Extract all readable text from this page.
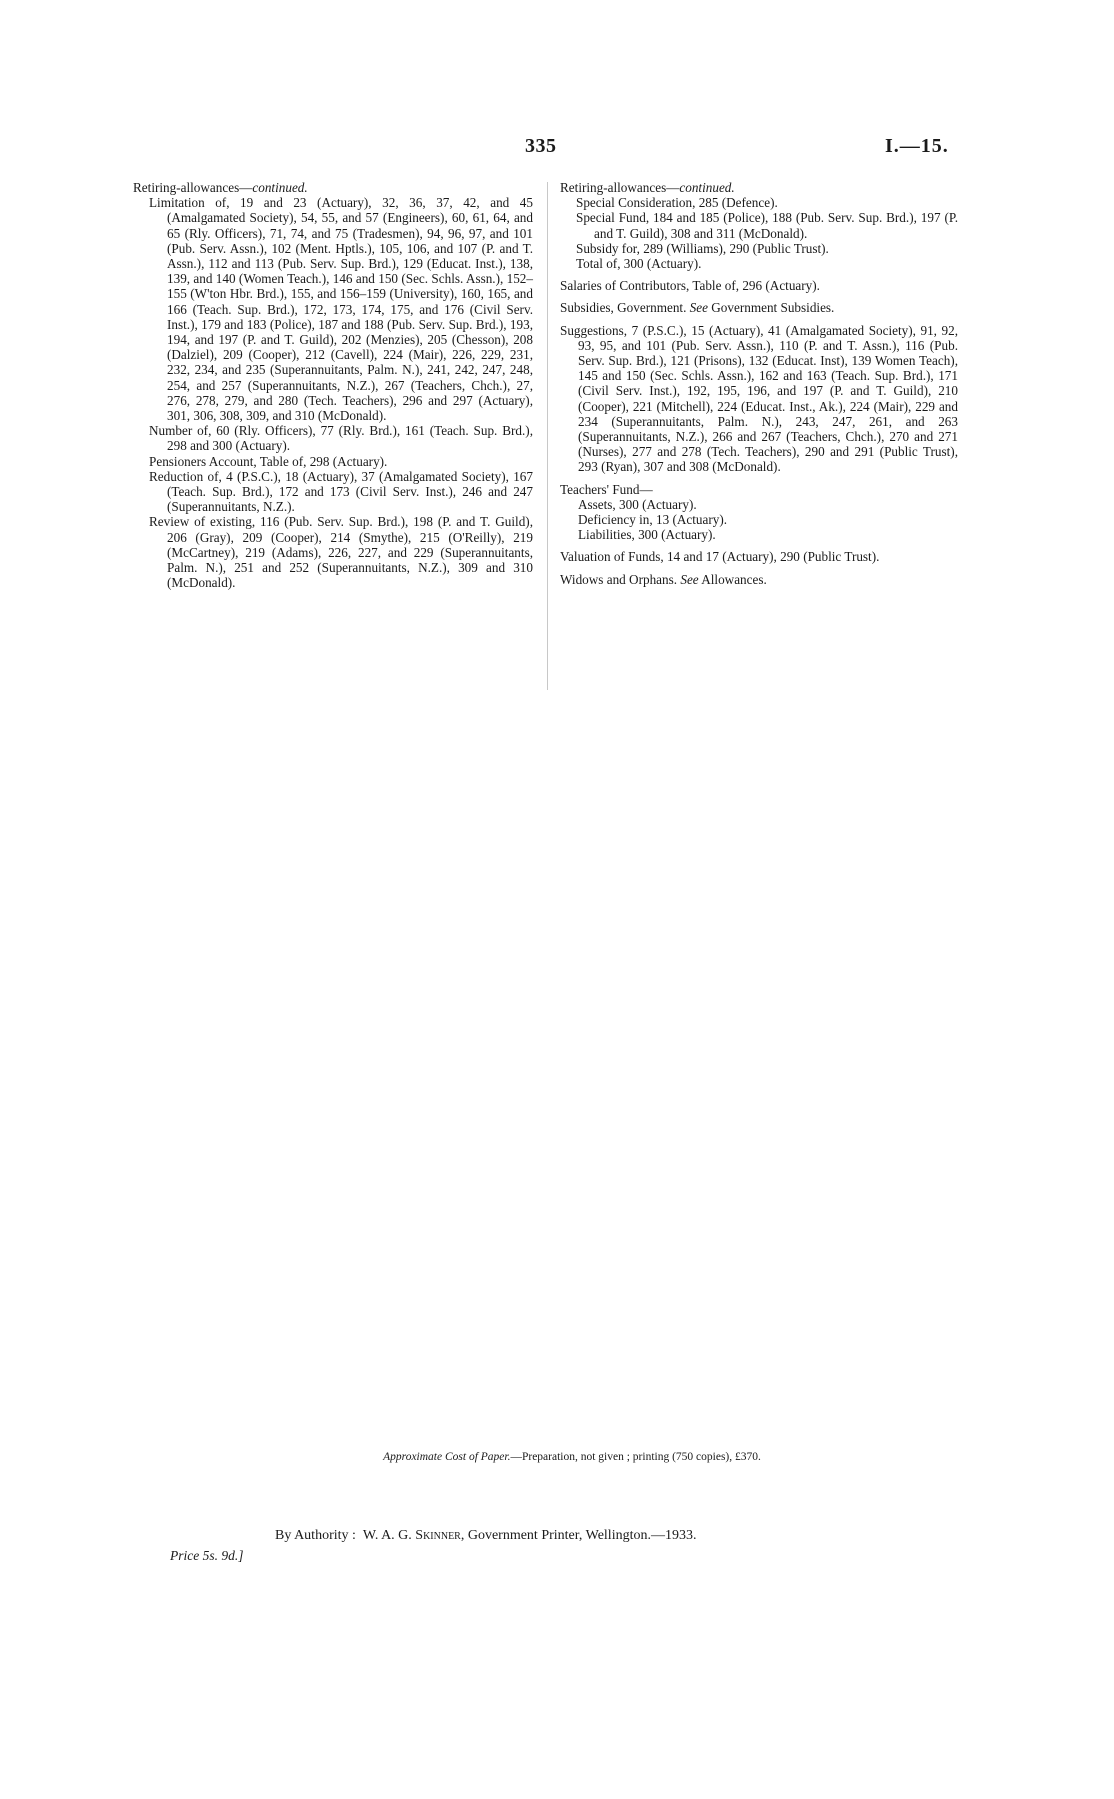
335	I.—15.

Retiring-allowances—continued.

Limitation of, 19 and 23 (Actuary), 32, 36, 37, 42, and 45 (Amalgamated Society), 54, 55, and 57 (Engineers), 60, 61, 64, and 65 (Rly. Officers), 71, 74, and 75 (Tradesmen), 94, 96, 97, and 101 (Pub. Serv. Assn.), 102 (Ment. Hptls.), 105, 106, and 107 (P. and T. Assn.), 112 and 113 (Pub. Serv. Sup. Brd.), 129 (Educat. Inst.), 138, 139, and 140 (Women Teach.), 146 and 150 (Sec. Schls. Assn.), 152–155 (W'ton Hbr. Brd.), 155, and 156–159 (University), 160, 165, and 166 (Teach. Sup. Brd.), 172, 173, 174, 175, and 176 (Civil Serv. Inst.), 179 and 183 (Police), 187 and 188 (Pub. Serv. Sup. Brd.), 193, 194, and 197 (P. and T. Guild), 202 (Menzies), 205 (Chesson), 208 (Dalziel), 209 (Cooper), 212 (Cavell), 224 (Mair), 226, 229, 231, 232, 234, and 235 (Superannuitants, Palm. N.), 241, 242, 247, 248, 254, and 257 (Superannuitants, N.Z.), 267 (Teachers, Chch.), 27, 276, 278, 279, and 280 (Tech. Teachers), 296 and 297 (Actuary), 301, 306, 308, 309, and 310 (McDonald).

Number of, 60 (Rly. Officers), 77 (Rly. Brd.), 161 (Teach. Sup. Brd.), 298 and 300 (Actuary).

Pensioners Account, Table of, 298 (Actuary).

Reduction of, 4 (P.S.C.), 18 (Actuary), 37 (Amalgamated Society), 167 (Teach. Sup. Brd.), 172 and 173 (Civil Serv. Inst.), 246 and 247 (Superannuitants, N.Z.).

Review of existing, 116 (Pub. Serv. Sup. Brd.), 198 (P. and T. Guild), 206 (Gray), 209 (Cooper), 214 (Smythe), 215 (O'Reilly), 219 (McCartney), 219 (Adams), 226, 227, and 229 (Superannuitants, Palm. N.), 251 and 252 (Superannuitants, N.Z.), 309 and 310 (McDonald).

Retiring-allowances—continued.

Special Consideration, 285 (Defence).

Special Fund, 184 and 185 (Police), 188 (Pub. Serv. Sup. Brd.), 197 (P. and T. Guild), 308 and 311 (McDonald).

Subsidy for, 289 (Williams), 290 (Public Trust).

Total of, 300 (Actuary).

Salaries of Contributors, Table of, 296 (Actuary).

Subsidies, Government. See Government Subsidies.

Suggestions, 7 (P.S.C.), 15 (Actuary), 41 (Amalgamated Society), 91, 92, 93, 95, and 101 (Pub. Serv. Assn.), 110 (P. and T. Assn.), 116 (Pub. Serv. Sup. Brd.), 121 (Prisons), 132 (Educat. Inst), 139 Women Teach), 145 and 150 (Sec. Schls. Assn.), 162 and 163 (Teach. Sup. Brd.), 171 (Civil Serv. Inst.), 192, 195, 196, and 197 (P. and T. Guild), 210 (Cooper), 221 (Mitchell), 224 (Educat. Inst., Ak.), 224 (Mair), 229 and 234 (Superannuitants, Palm. N.), 243, 247, 261, and 263 (Superannuitants, N.Z.), 266 and 267 (Teachers, Chch.), 270 and 271 (Nurses), 277 and 278 (Tech. Teachers), 290 and 291 (Public Trust), 293 (Ryan), 307 and 308 (McDonald).

Teachers' Fund—

Assets, 300 (Actuary).

Deficiency in, 13 (Actuary).

Liabilities, 300 (Actuary).

Valuation of Funds, 14 and 17 (Actuary), 290 (Public Trust).

Widows and Orphans. See Allowances.

Approximate Cost of Paper.—Preparation, not given ; printing (750 copies), £370.
By Authority : W. A. G. Skinner, Government Printer, Wellington.—1933.
Price 5s. 9d.]
